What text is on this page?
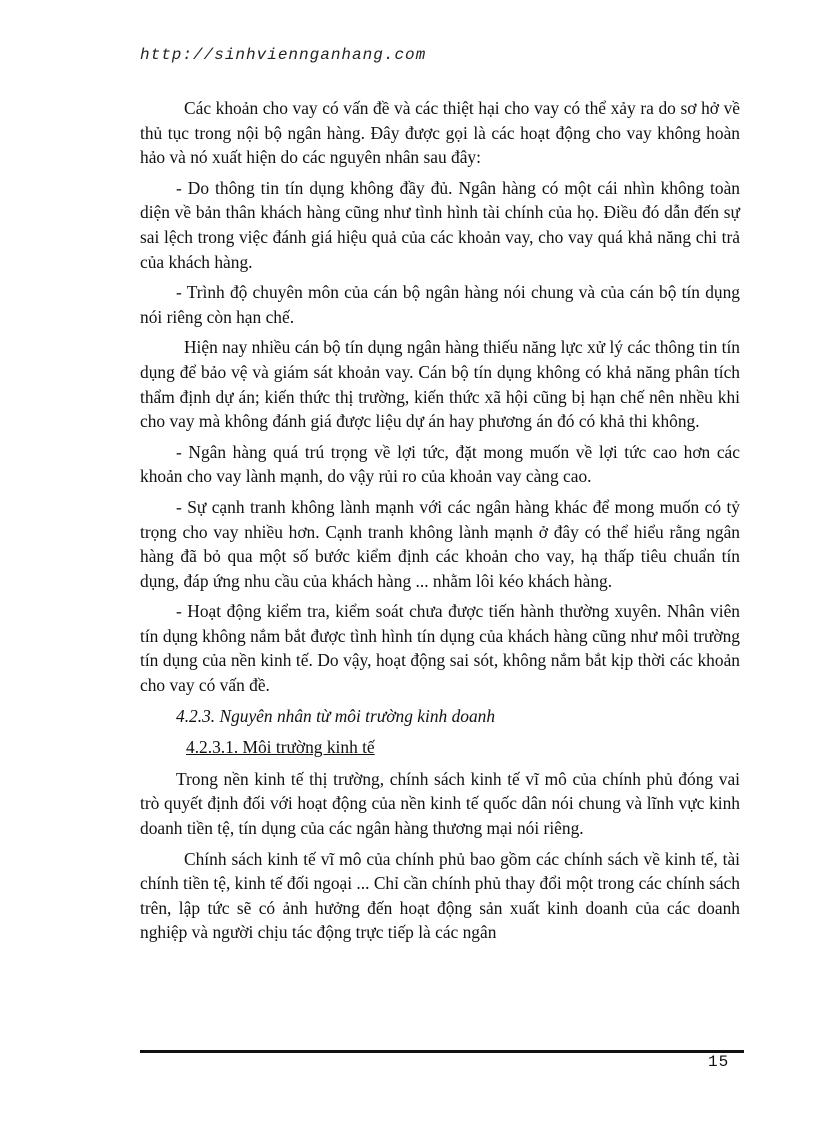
http://sinhviennganhang.com

Các khoản cho vay có vấn đề và các thiệt hại cho vay có thể xảy ra do sơ hở về thủ tục trong nội bộ ngân hàng. Đây được gọi là các hoạt động cho vay không hoàn hảo và nó xuất hiện do các nguyên nhân sau đây:

- Do thông tin tín dụng không đầy đủ. Ngân hàng có một cái nhìn không toàn diện về bản thân khách hàng cũng như tình hình tài chính của họ. Điều đó dẫn đến sự sai lệch trong việc đánh giá hiệu quả của các khoản vay, cho vay quá khả năng chi trả của khách hàng.

- Trình độ chuyên môn của cán bộ ngân hàng nói chung và của cán bộ tín dụng nói riêng còn hạn chế.

Hiện nay nhiều cán bộ tín dụng ngân hàng thiếu năng lực xử lý các thông tin tín dụng để bảo vệ và giám sát khoản vay. Cán bộ tín dụng không có khả năng phân tích thẩm định dự án; kiến thức thị trường, kiến thức xã hội cũng bị hạn chế nên nhều khi cho vay mà không đánh giá được liệu dự án hay phương án đó có khả thi không.

- Ngân hàng quá trú trọng về lợi tức, đặt mong muốn về lợi tức cao hơn các khoản cho vay lành mạnh, do vậy rủi ro của khoản vay càng cao.

- Sự cạnh tranh không lành mạnh với các ngân hàng khác để mong muốn có tỷ trọng cho vay nhiều hơn. Cạnh tranh không lành mạnh ở đây có thể hiểu rằng ngân hàng đã bỏ qua một số bước kiểm định các khoản cho vay, hạ thấp tiêu chuẩn tín dụng, đáp ứng nhu cầu của khách hàng ... nhằm lôi kéo khách hàng.

- Hoạt động kiểm tra, kiểm soát chưa được tiến hành thường xuyên. Nhân viên tín dụng không nắm bắt được tình hình tín dụng của khách hàng cũng như môi trường tín dụng của nền kinh tế. Do vậy, hoạt động sai sót, không nắm bắt kịp thời các khoản cho vay có vấn đề.

4.2.3. Nguyên nhân từ môi trường kinh doanh

4.2.3.1. Môi trường kinh tế

Trong nền kinh tế thị trường, chính sách kinh tế vĩ mô của chính phủ đóng vai trò quyết định đối với hoạt động của nền kinh tế quốc dân nói chung và lĩnh vực kinh doanh tiền tệ, tín dụng của các ngân hàng thương mại nói riêng.

Chính sách kinh tế vĩ mô của chính phủ bao gồm các chính sách về kinh tế, tài chính tiền tệ, kinh tế đối ngoại ... Chỉ cần chính phủ thay đổi một trong các chính sách trên, lập tức sẽ có ảnh hưởng đến hoạt động sản xuất kinh doanh của các doanh nghiệp và người chịu tác động trực tiếp là các ngân

15
